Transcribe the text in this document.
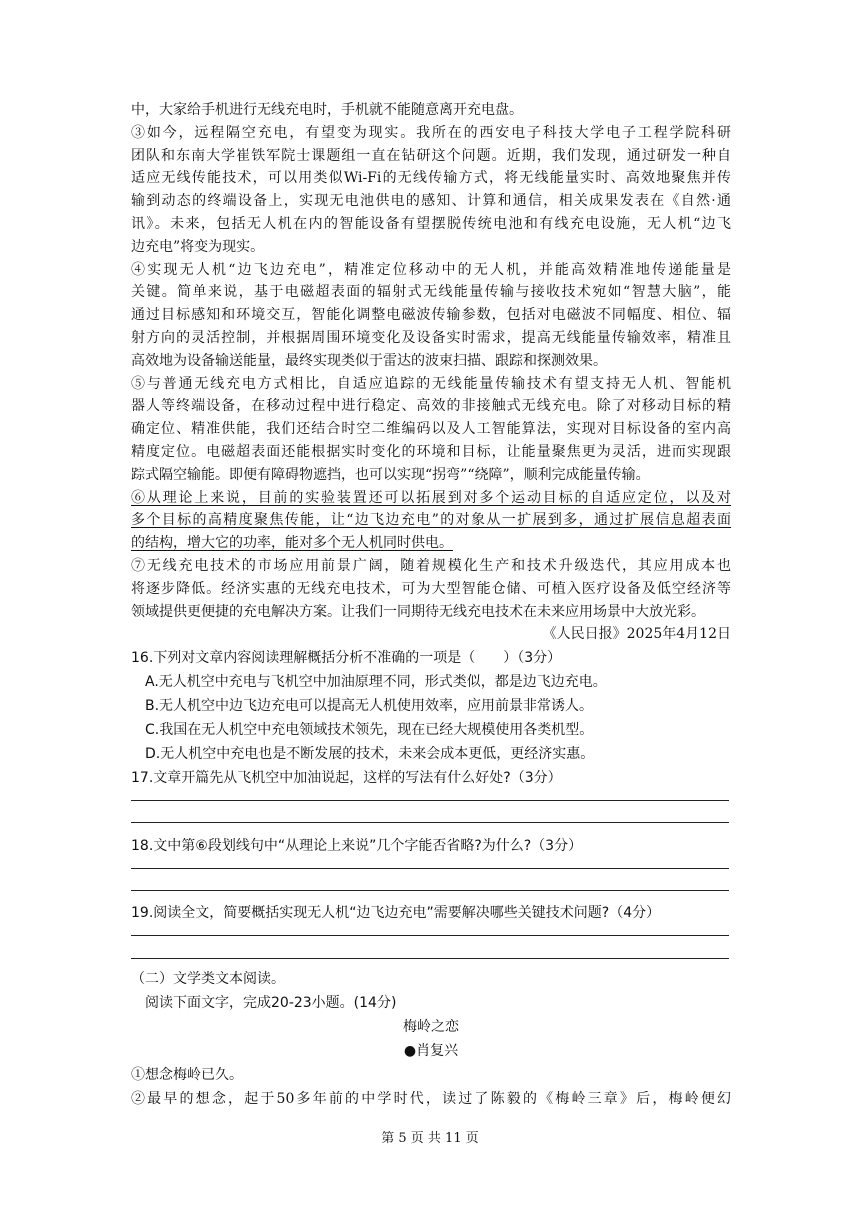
中，大家给手机进行无线充电时，手机就不能随意离开充电盘。
③如今，远程隔空充电，有望变为现实。我所在的西安电子科技大学电子工程学院科研
团队和东南大学崔铁军院士课题组一直在钻研这个问题。近期，我们发现，通过研发一种自
适应无线传能技术，可以用类似Wi-Fi的无线传输方式，将无线能量实时、高效地聚焦并传
输到动态的终端设备上，实现无电池供电的感知、计算和通信，相关成果发表在《自然·通
讯》。未来，包括无人机在内的智能设备有望摆脱传统电池和有线充电设施，无人机“边飞
边充电”将变为现实。
④实现无人机“边飞边充电”，精准定位移动中的无人机，并能高效精准地传递能量是
关键。简单来说，基于电磁超表面的辐射式无线能量传输与接收技术宛如“智慧大脑”，能
通过目标感知和环境交互，智能化调整电磁波传输参数，包括对电磁波不同幅度、相位、辐
射方向的灵活控制，并根据周围环境变化及设备实时需求，提高无线能量传输效率，精准且
高效地为设备输送能量，最终实现类似于雷达的波束扫描、跟踪和探测效果。
⑤与普通无线充电方式相比，自适应追踪的无线能量传输技术有望支持无人机、智能机
器人等终端设备，在移动过程中进行稳定、高效的非接触式无线充电。除了对移动目标的精
确定位、精准供能，我们还结合时空二维编码以及人工智能算法，实现对目标设备的室内高
精度定位。电磁超表面还能根据实时变化的环境和目标，让能量聚焦更为灵活，进而实现跟
踪式隔空输能。即便有障碍物遮挡，也可以实现“拐弯”“绕障”，顺利完成能量传输。
⑥从理论上来说，目前的实验装置还可以拓展到对多个运动目标的自适应定位，以及对
多个目标的高精度聚焦传能，让“边飞边充电”的对象从一扩展到多，通过扩展信息超表面
的结构，增大它的功率，能对多个无人机同时供电。
⑦无线充电技术的市场应用前景广阔，随着规模化生产和技术升级迭代，其应用成本也
将逐步降低。经济实惠的无线充电技术，可为大型智能仓储、可植入医疗设备及低空经济等
领域提供更便捷的充电解决方案。让我们一同期待无线充电技术在未来应用场景中大放光彩。
《人民日报》2025年4月12日
16.下列对文章内容阅读理解概括分析不准确的一项是（　　）（3分）
A.无人机空中充电与飞机空中加油原理不同，形式类似，都是边飞边充电。
B.无人机空中边飞边充电可以提高无人机使用效率，应用前景非常诱人。
C.我国在无人机空中充电领域技术领先，现在已经大规模使用各类机型。
D.无人机空中充电也是不断发展的技术，未来会成本更低，更经济实惠。
17.文章开篇先从飞机空中加油说起，这样的写法有什么好处?（3分）
18.文中第⑥段划线句中“从理论上来说”几个字能否省略?为什么?（3分）
19.阅读全文，简要概括实现无人机“边飞边充电”需要解决哪些关键技术问题?（4分）
（二）文学类文本阅读。
阅读下面文字，完成20-23小题。(14分)
梅岭之恋
●肖复兴
①想念梅岭已久。
②最早的想念，起于50多年前的中学时代，读过了陈毅的《梅岭三章》后，梅岭便幻
第 5 页 共 11 页
